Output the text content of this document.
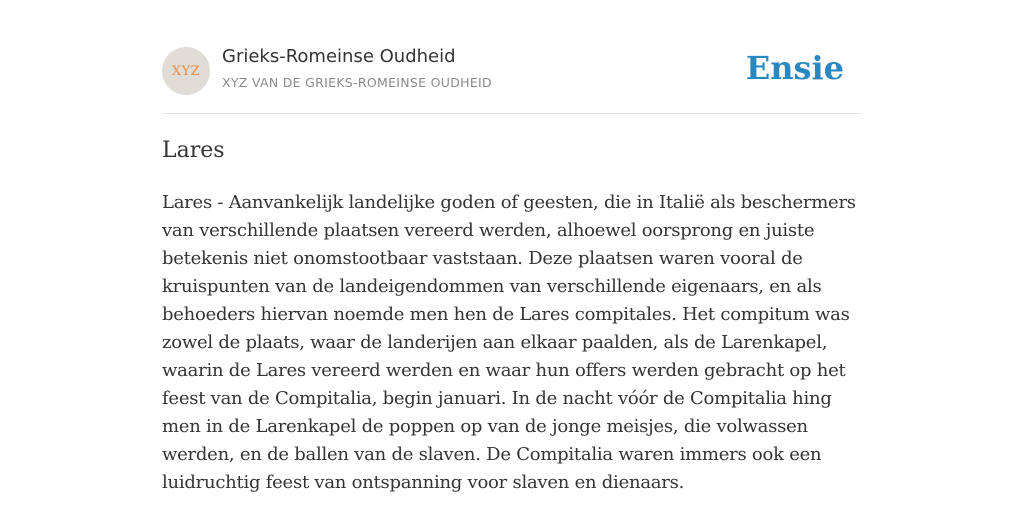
XYZ
Grieks-Romeinse Oudheid
XYZ VAN DE GRIEKS-ROMEINSE OUDHEID	Ensie
Lares

Lares - Aanvankelijk landelijke goden of geesten, die in Italië als beschermers van verschillende plaatsen vereerd werden, alhoewel oorsprong en juiste betekenis niet onomstootbaar vaststaan. Deze plaatsen waren vooral de kruispunten van de landeigendommen van verschillende eigenaars, en als behoeders hiervan noemde men hen de Lares compitales. Het compitum was zowel de plaats, waar de landerijen aan elkaar paalden, als de Larenkapel, waarin de Lares vereerd werden en waar hun offers werden gebracht op het feest van de Compitalia, begin januari. In de nacht vóór de Compitalia hing men in de Larenkapel de poppen op van de jonge meisjes, die volwassen werden, en de ballen van de slaven. De Compitalia waren immers ook een luidruchtig feest van ontspanning voor slaven en dienaars.
